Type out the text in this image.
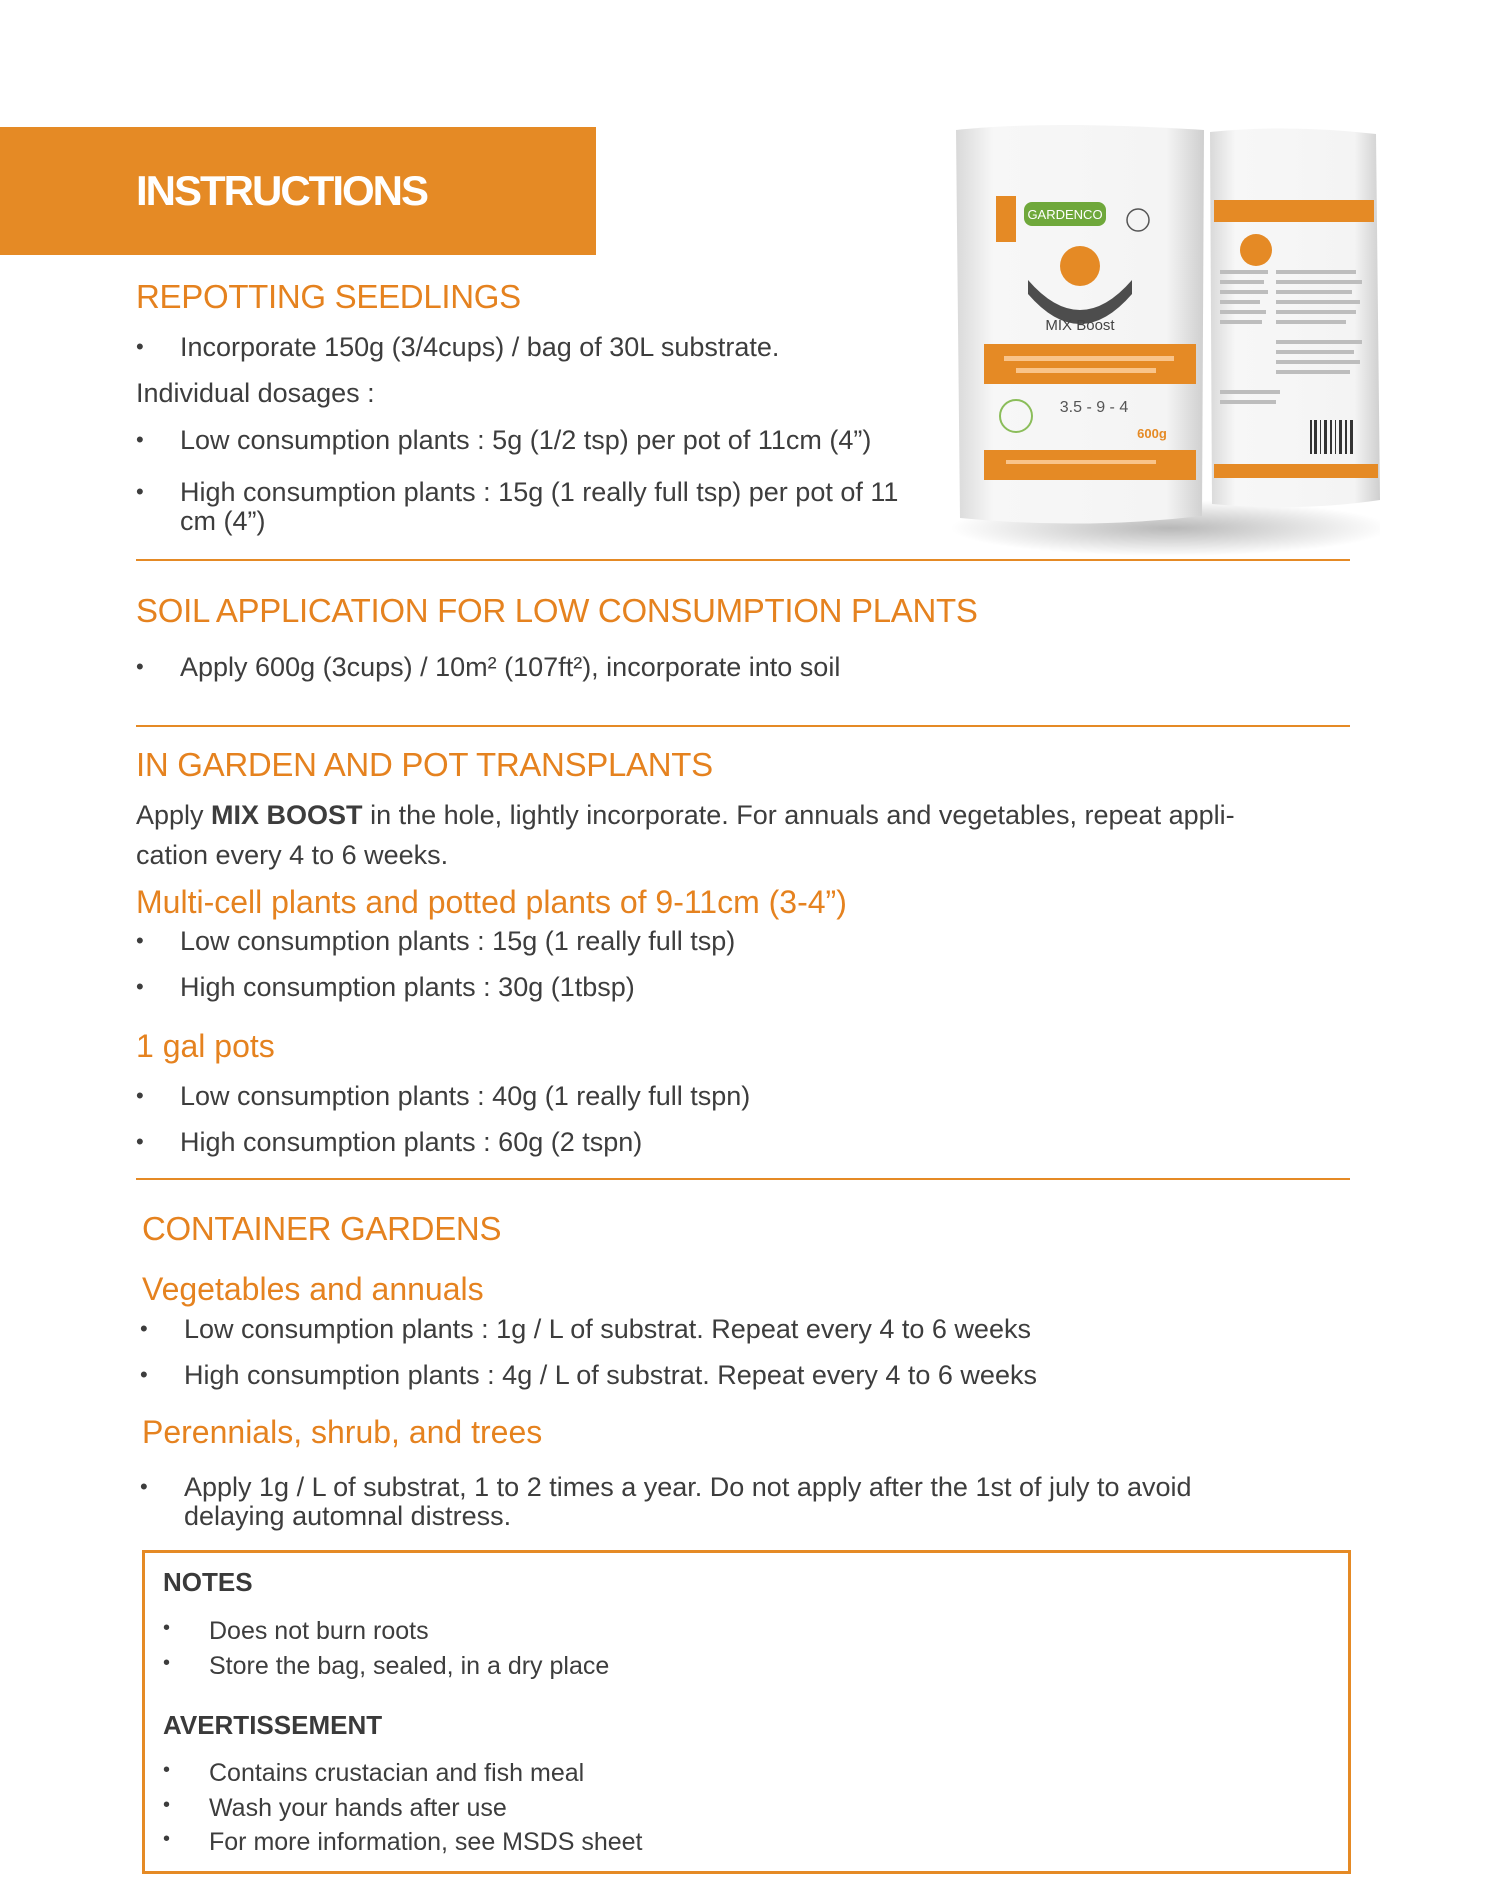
INSTRUCTIONS
GARDENCO
MIX Boost
3.5 - 9 - 4
600g
REPOTTING SEEDLINGS
• Incorporate 150g (3/4cups) / bag of 30L substrate.
Individual dosages :
• Low consumption plants : 5g (1/2 tsp) per pot of 11cm (4”)
• High consumption plants : 15g (1 really full tsp) per pot of 11
cm (4”)
SOIL APPLICATION FOR LOW CONSUMPTION PLANTS
• Apply 600g (3cups) / 10m² (107ft²), incorporate into soil
IN GARDEN AND POT TRANSPLANTS
Apply MIX BOOST in the hole, lightly incorporate. For annuals and vegetables, repeat appli-
cation every 4 to 6 weeks.
Multi-cell plants and potted plants of 9-11cm (3-4”)
• Low consumption plants : 15g (1 really full tsp)
• High consumption plants : 30g (1tbsp)
1 gal pots
• Low consumption plants : 40g (1 really full tspn)
• High consumption plants : 60g (2 tspn)
CONTAINER GARDENS
Vegetables and annuals
• Low consumption plants : 1g / L of substrat. Repeat every 4 to 6 weeks
• High consumption plants : 4g / L of substrat. Repeat every 4 to 6 weeks
Perennials, shrub, and trees
• Apply 1g / L of substrat, 1 to 2 times a year. Do not apply after the 1st of july to avoid
delaying automnal distress.
NOTES
• Does not burn roots
• Store the bag, sealed, in a dry place
AVERTISSEMENT
• Contains crustacian and fish meal
• Wash your hands after use
• For more information, see MSDS sheet
